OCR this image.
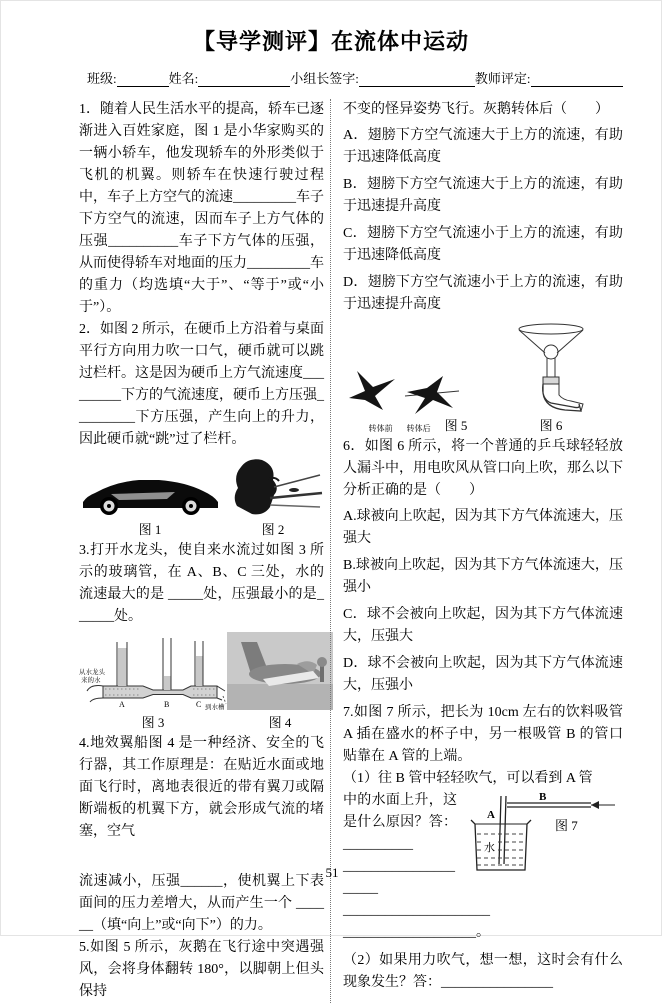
【导学测评】在流体中运动
班级:	姓名:	小组长签字:	教师评定:

1．随着人民生活水平的提高，轿车已逐渐进入百姓家庭，图 1 是小华家购买的一辆小轿车，他发现轿车的外形类似于飞机的机翼。则轿车在快速行驶过程中，车子上方空气的流速_________车子下方空气的流速，因而车子上方气体的压强__________车子下方气体的压强，从而使得轿车对地面的压力_________车的重力（均选填“大于”、“等于”或“小于”）。

2．如图 2 所示，在硬币上方沿着与桌面平行方向用力吹一口气，硬币就可以跳过栏杆。这是因为硬币上方气流速度_________下方的气流速度，硬币上方压强_________下方压强，产生向上的升力，因此硬币就“跳”过了栏杆。

图 1	图 2

3.打开水龙头，使自来水流过如图 3 所示的玻璃管，在 A、B、C 三处，水的流速最大的是 _____处，压强最小的是______处。

从水龙头
来的水
A	B	C 到水槽
图 3	图 4

4.地效翼船图 4 是一种经济、安全的飞行器，其工作原理是：在贴近水面或地面飞行时，离地表很近的带有翼刀或隔断端板的机翼下方，就会形成气流的堵塞，空气

流速减小，压强______，使机翼上下表面间的压力差增大，从而产生一个 ______（填“向上”或“向下”）的力。

5.如图 5 所示，灰鹅在飞行途中突遇强风，会将身体翻转 180°，以脚朝上但头保持

不变的怪异姿势飞行。灰鹅转体后（　　）

A．翅膀下方空气流速大于上方的流速，有助于迅速降低高度

B．翅膀下方空气流速大于上方的流速，有助于迅速提升高度

C．翅膀下方空气流速小于上方的流速，有助于迅速降低高度

D．翅膀下方空气流速小于上方的流速，有助于迅速提升高度

转体前 转体后 图 5	图 6

6．如图 6 所示，将一个普通的乒乓球轻轻放人漏斗中，用电吹风从管口向上吹，那么以下分析正确的是（　　）

A.球被向上吹起，因为其下方气体流速大，压强大

B.球被向上吹起，因为其下方气体流速大，压强小

C．球不会被向上吹起，因为其下方气体流速大，压强大

D．球不会被向上吹起，因为其下方气体流速大，压强小

7.如图 7 所示，把长为 10cm 左右的饮料吸管 A 插在盛水的杯子中，另一根吸管 B 的管口贴靠在 A 管的上端。

（1）往 B 管中轻轻吹气，可以看到 A 管

B
A
水
图 7

中的水面上升，这是什么原因？答：__________

_____________________

_____________________

___________________。

（2）如果用力吹气，想一想，这时会有什么现象发生？答：________________

51
